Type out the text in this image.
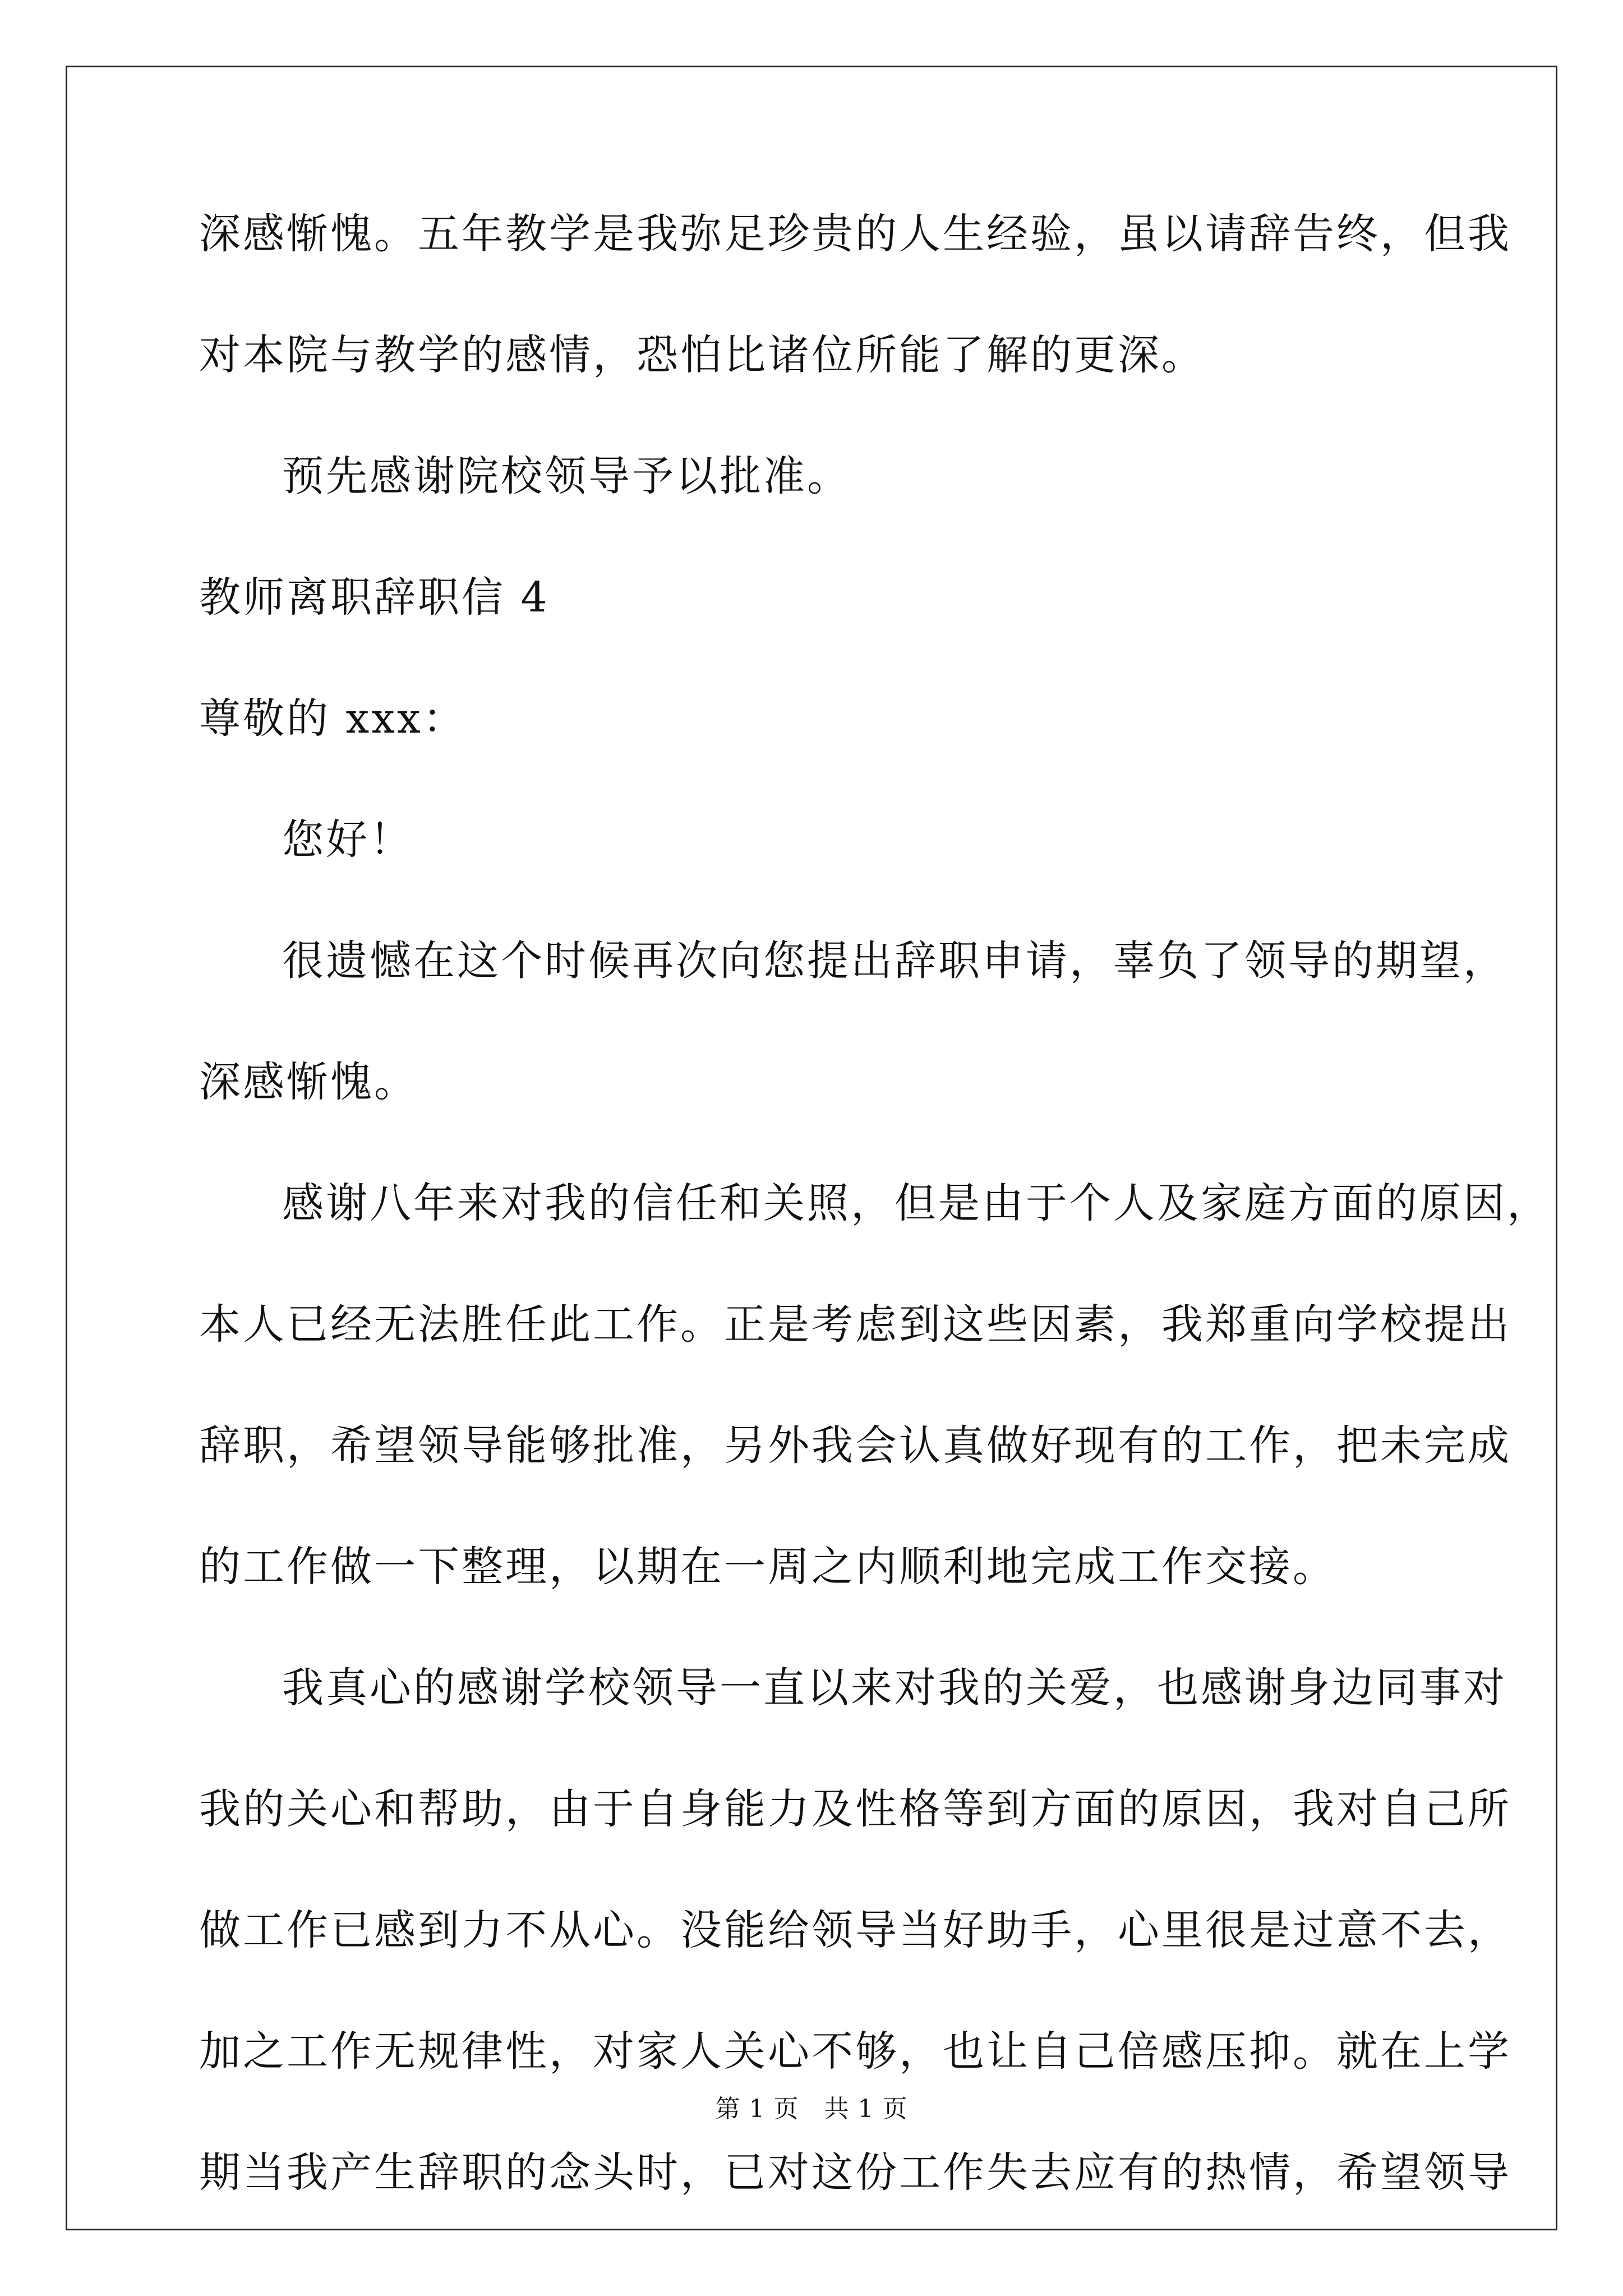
深感惭愧。五年教学是我弥足珍贵的人生经验，虽以请辞告终，但我
对本院与教学的感情，恐怕比诸位所能了解的更深。
预先感谢院校领导予以批准。
教师离职辞职信 4
尊敬的 xxx：
您好！
很遗憾在这个时候再次向您提出辞职申请，辜负了领导的期望，
深感惭愧。
感谢八年来对我的信任和关照，但是由于个人及家庭方面的原因，
本人已经无法胜任此工作。正是考虑到这些因素，我郑重向学校提出
辞职，希望领导能够批准，另外我会认真做好现有的工作，把未完成
的工作做一下整理，以期在一周之内顺利地完成工作交接。
我真心的感谢学校领导一直以来对我的关爱，也感谢身边同事对
我的关心和帮助，由于自身能力及性格等到方面的原因，我对自己所
做工作已感到力不从心。没能给领导当好助手，心里很是过意不去，
加之工作无规律性，对家人关心不够，也让自己倍感压抑。就在上学
期当我产生辞职的念头时，已对这份工作失去应有的热情，希望领导
第 1 页　共 1 页
